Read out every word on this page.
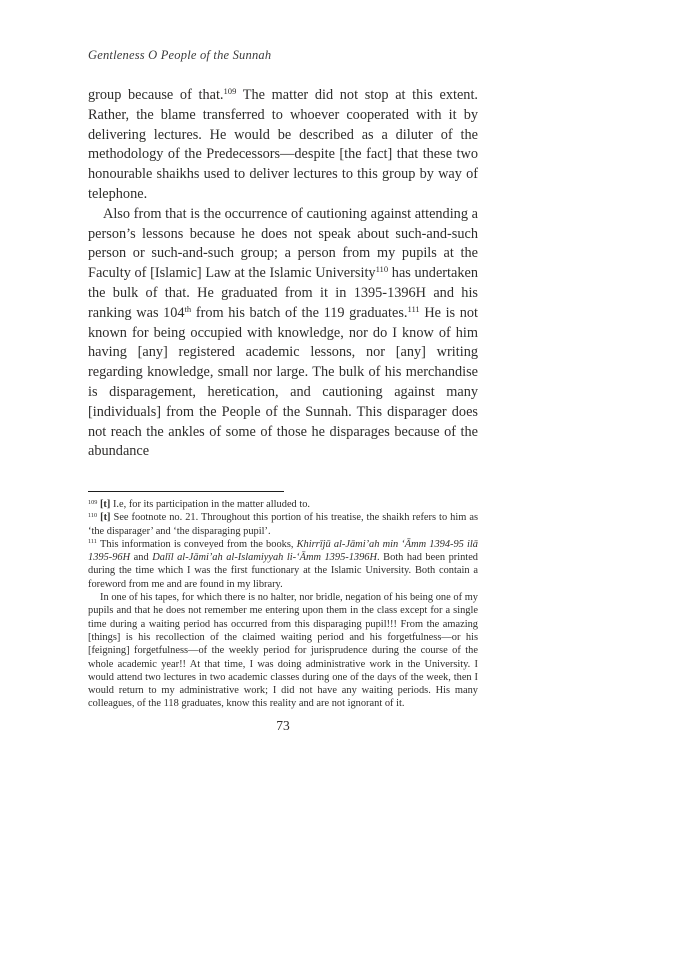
Gentleness O People of the Sunnah

group because of that.$^{109}$ The matter did not stop at this extent. Rather, the blame transferred to whoever cooperated with it by delivering lectures. He would be described as a diluter of the methodology of the Predecessors—despite [the fact] that these two honourable shaikhs used to deliver lectures to this group by way of telephone.

Also from that is the occurrence of cautioning against attending a person’s lessons because he does not speak about such-and-such person or such-and-such group; a person from my pupils at the Faculty of [Islamic] Law at the Islamic University$^{110}$ has undertaken the bulk of that. He graduated from it in 1395-1396H and his ranking was 104th from his batch of the 119 graduates.$^{111}$ He is not known for being occupied with knowledge, nor do I know of him having [any] registered academic lessons, nor [any] writing regarding knowledge, small nor large. The bulk of his merchandise is disparagement, heretication, and cautioning against many [individuals] from the People of the Sunnah. This disparager does not reach the ankles of some of those he disparages because of the abundance

$^{109}$ [t] I.e, for its participation in the matter alluded to.

$^{110}$ [t] See footnote no. 21. Throughout this portion of his treatise, the shaikh refers to him as ‘the disparager’ and ‘the disparaging pupil’.

$^{111}$ This information is conveyed from the books, Khirrījū al-Jāmi’ah min ‘Āmm 1394-95 ilā 1395-96H and Dalīl al-Jāmi’ah al-Islamiyyah li-‘Āmm 1395-1396H. Both had been printed during the time which I was the first functionary at the Islamic University. Both contain a foreword from me and are found in my library.

In one of his tapes, for which there is no halter, nor bridle, negation of his being one of my pupils and that he does not remember me entering upon them in the class except for a single time during a waiting period has occurred from this disparaging pupil!!! From the amazing [things] is his recollection of the claimed waiting period and his forgetfulness—or his [feigning] forgetfulness—of the weekly period for jurisprudence during the course of the whole academic year!! At that time, I was doing administrative work in the University. I would attend two lectures in two academic classes during one of the days of the week, then I would return to my administrative work; I did not have any waiting periods. His many colleagues, of the 118 graduates, know this reality and are not ignorant of it.

73
